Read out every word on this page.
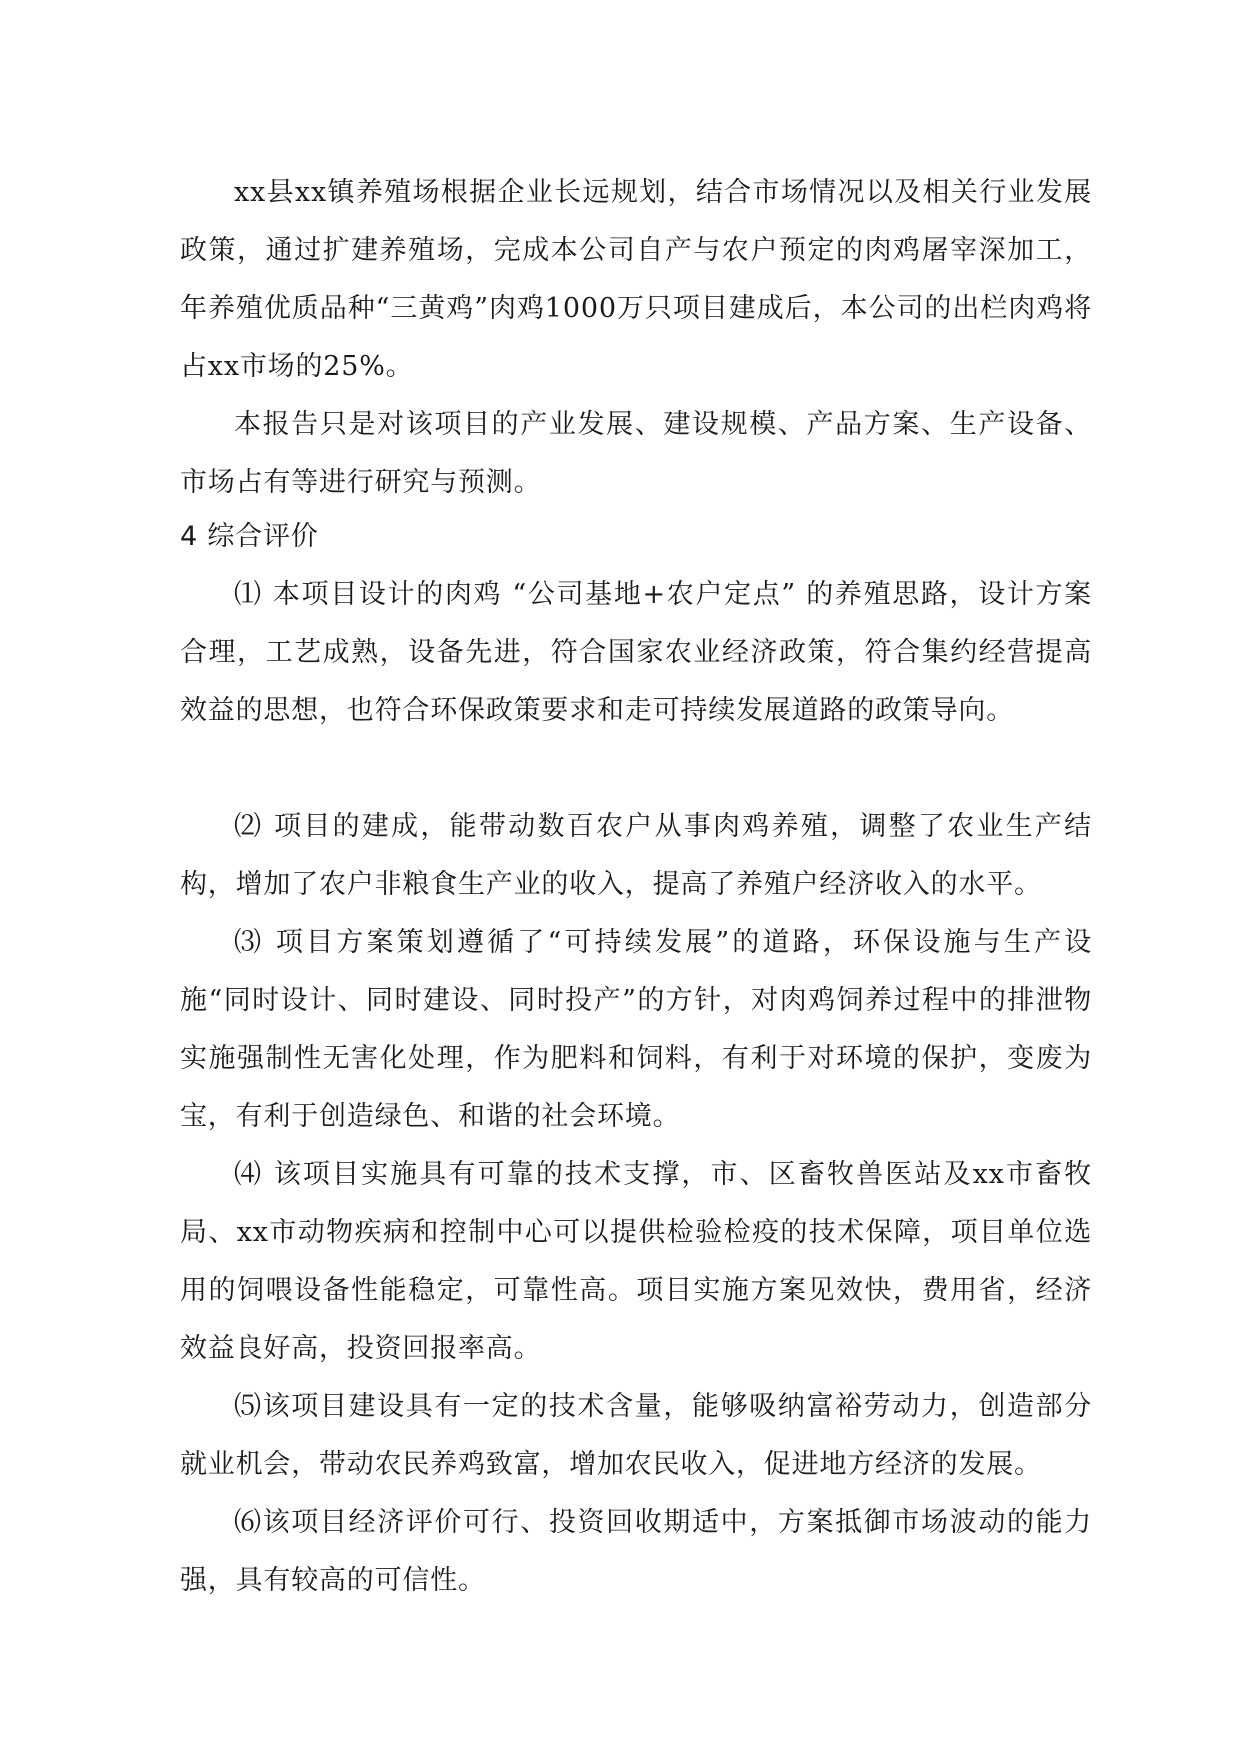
xx县xx镇养殖场根据企业长远规划，结合市场情况以及相关行业发展政策，通过扩建养殖场，完成本公司自产与农户预定的肉鸡屠宰深加工，年养殖优质品种“三黄鸡”肉鸡1000万只项目建成后，本公司的出栏肉鸡将占xx市场的25%。

本报告只是对该项目的产业发展、建设规模、产品方案、生产设备、市场占有等进行研究与预测。

4 综合评价

⑴ 本项目设计的肉鸡 “公司基地+农户定点” 的养殖思路，设计方案合理，工艺成熟，设备先进，符合国家农业经济政策，符合集约经营提高效益的思想，也符合环保政策要求和走可持续发展道路的政策导向。

⑵ 项目的建成，能带动数百农户从事肉鸡养殖，调整了农业生产结构，增加了农户非粮食生产业的收入，提高了养殖户经济收入的水平。

⑶ 项目方案策划遵循了“可持续发展”的道路，环保设施与生产设施“同时设计、同时建设、同时投产”的方针，对肉鸡饲养过程中的排泄物实施强制性无害化处理，作为肥料和饲料，有利于对环境的保护，变废为宝，有利于创造绿色、和谐的社会环境。

⑷ 该项目实施具有可靠的技术支撑，市、区畜牧兽医站及xx市畜牧局、xx市动物疾病和控制中心可以提供检验检疫的技术保障，项目单位选用的饲喂设备性能稳定，可靠性高。项目实施方案见效快，费用省，经济效益良好高，投资回报率高。

⑸该项目建设具有一定的技术含量，能够吸纳富裕劳动力，创造部分就业机会，带动农民养鸡致富，增加农民收入，促进地方经济的发展。

⑹该项目经济评价可行、投资回收期适中，方案抵御市场波动的能力强，具有较高的可信性。
